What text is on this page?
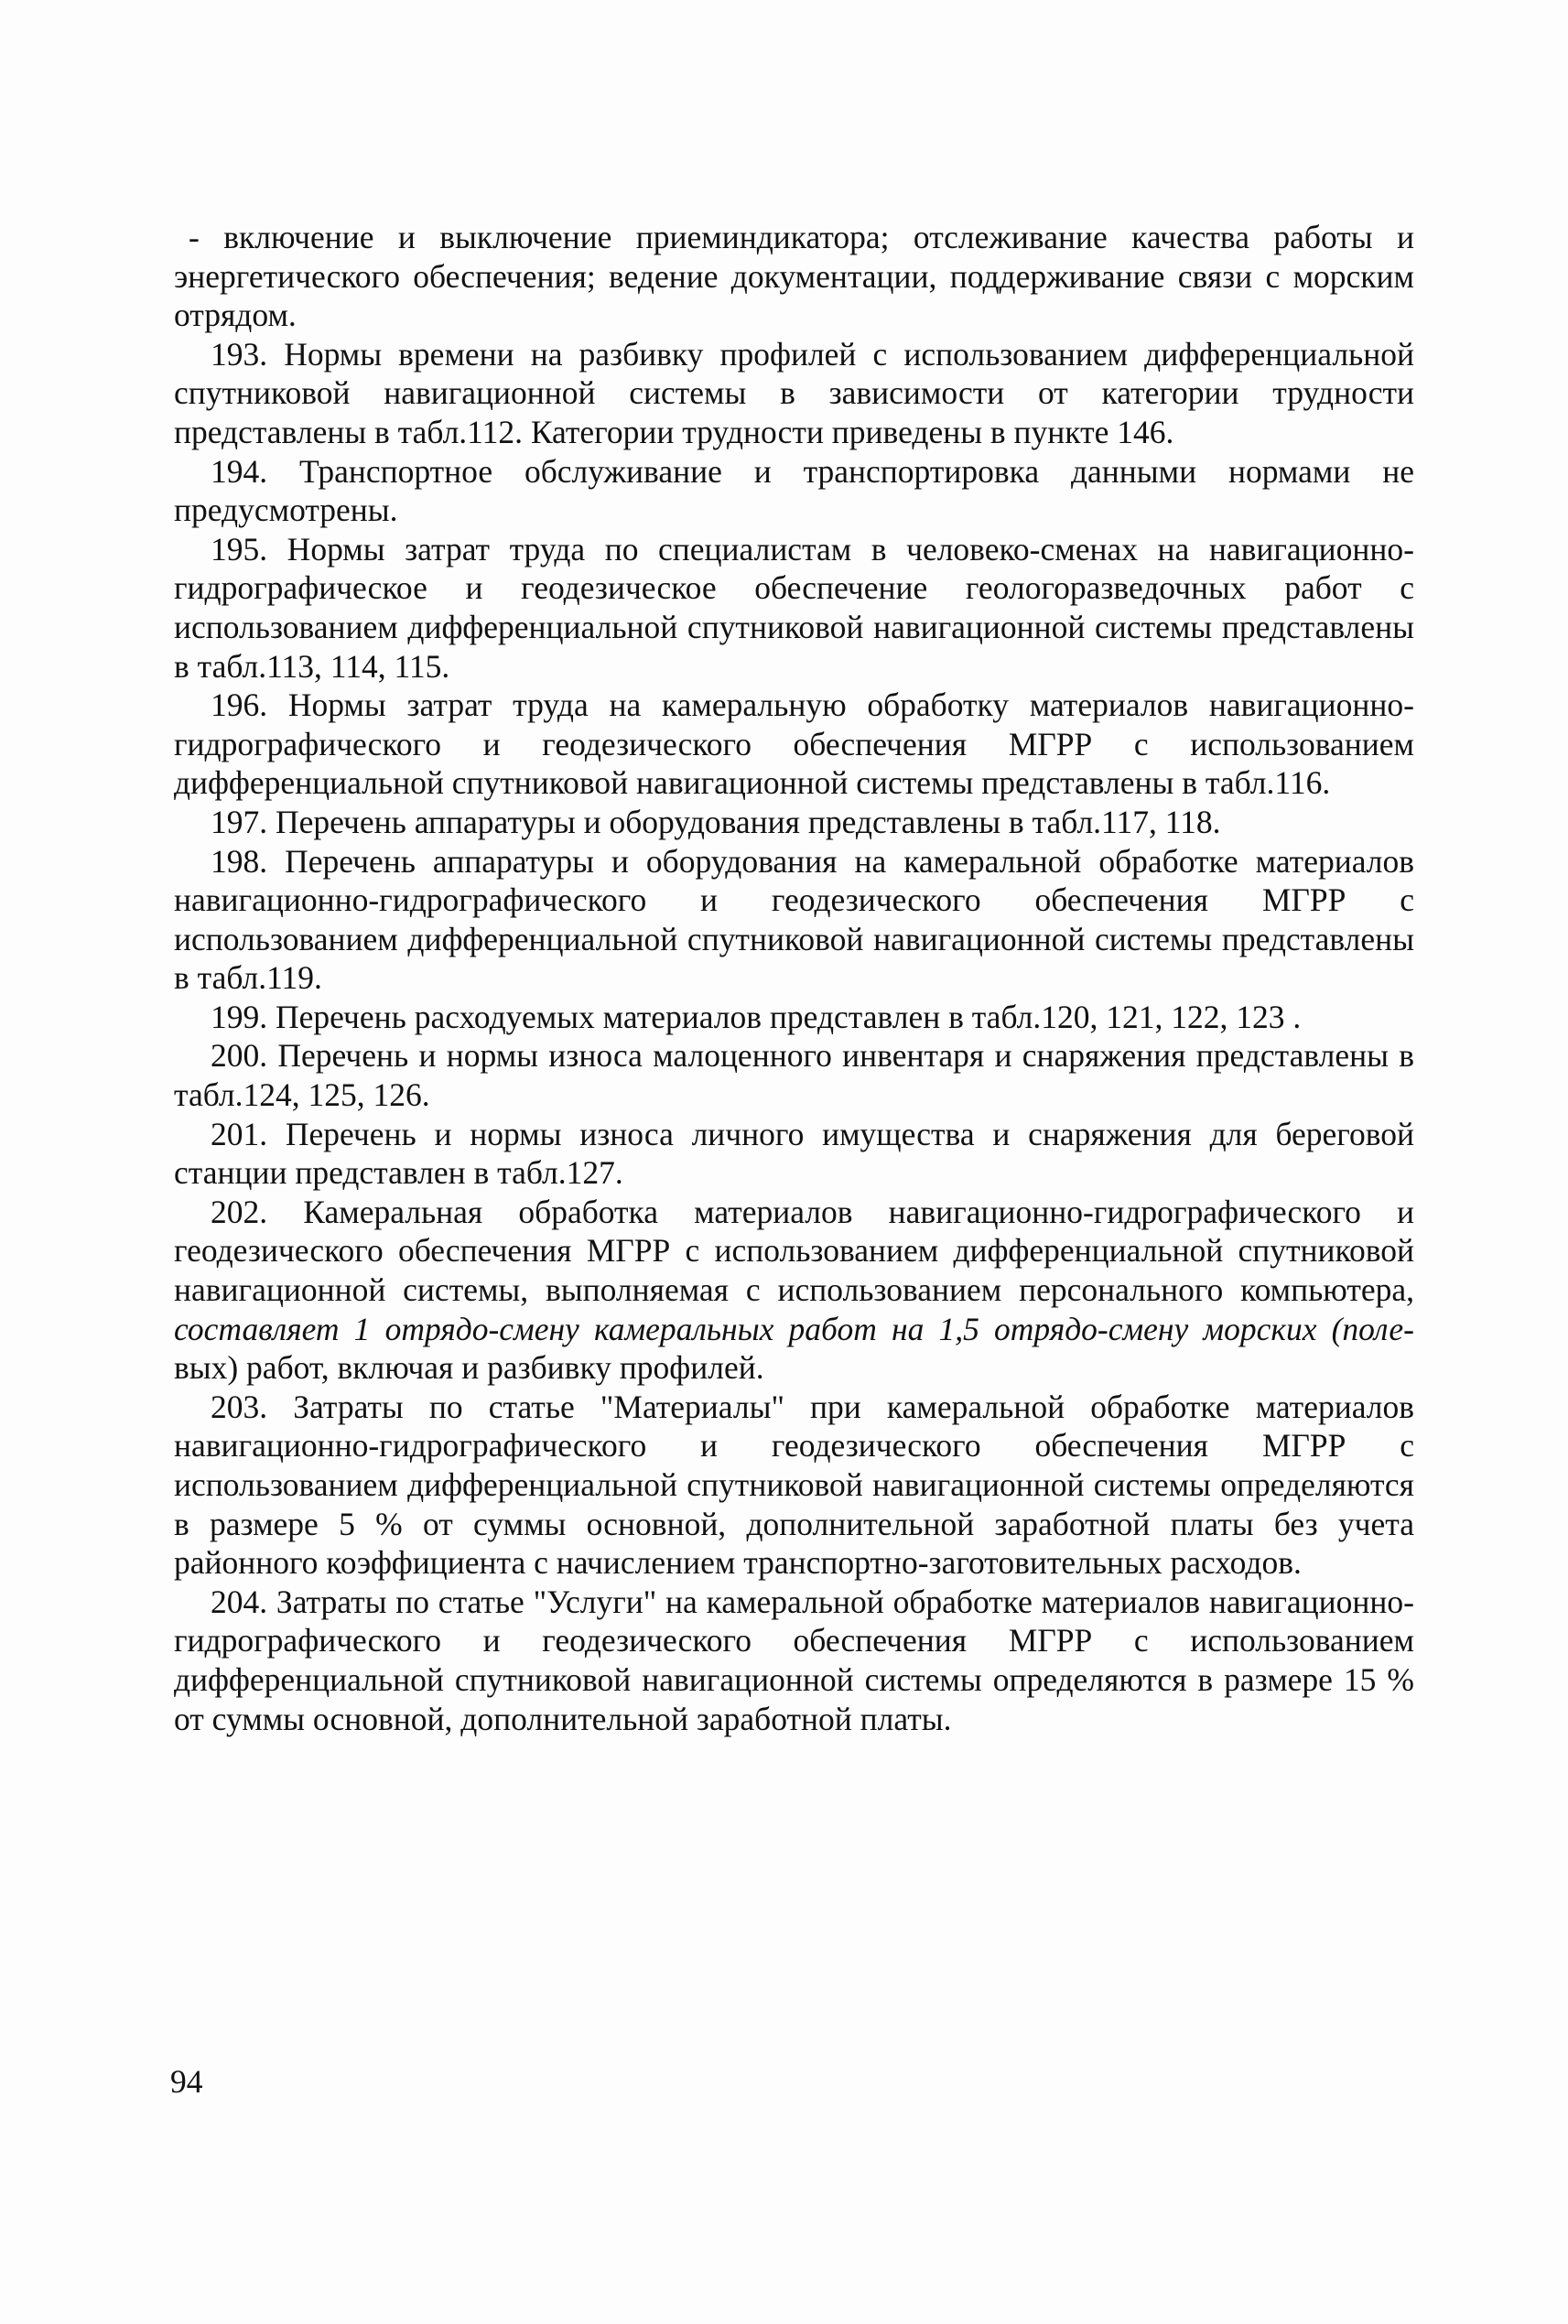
- включение и выключение приеминдикатора; отслеживание качества работы и энергетического обеспечения; ведение документации, поддерживание связи с морским отрядом.

193. Нормы времени на разбивку профилей с использованием дифференциальной спутниковой навигационной системы в зависимости от категории трудности представлены в табл.112. Категории трудности приведены в пункте 146.

194. Транспортное обслуживание и транспортировка данными нормами не предусмотрены.

195. Нормы затрат труда по специалистам в человеко-сменах на навигационно-гидрографическое и геодезическое обеспечение геологоразведочных работ с использованием дифференциальной спутниковой навигационной системы представлены в табл.113, 114, 115.

196. Нормы затрат труда на камеральную обработку материалов навигационно-гидрографического и геодезического обеспечения МГРР с использованием дифференциальной спутниковой навигационной системы представлены в табл.116.

197. Перечень аппаратуры и оборудования представлены в табл.117, 118.

198. Перечень аппаратуры и оборудования на камеральной обработке материалов навигационно-гидрографического и геодезического обеспечения МГРР с использованием дифференциальной спутниковой навигационной системы представлены в табл.119.

199. Перечень расходуемых материалов представлен в табл.120, 121, 122, 123 .

200. Перечень и нормы износа малоценного инвентаря и снаряжения представлены в табл.124, 125, 126.

201. Перечень и нормы износа личного имущества и снаряжения для береговой станции представлен в табл.127.

202. Камеральная обработка материалов навигационно-гидрографического и геодезического обеспечения МГРР с использованием дифференциальной спутниковой навигационной системы, выполняемая с использованием персонального компьютера, составляет 1 отрядо-смену камеральных работ на 1,5 отрядо-смену морских (поле-вых) работ, включая и разбивку профилей.

203. Затраты по статье "Материалы" при камеральной обработке материалов навигационно-гидрографического и геодезического обеспечения МГРР с использованием дифференциальной спутниковой навигационной системы определяются в размере 5 % от суммы основной, дополнительной заработной платы без учета районного коэффициента с начислением транспортно-заготовительных расходов.

204. Затраты по статье "Услуги" на камеральной обработке материалов навигационно-гидрографического и геодезического обеспечения МГРР с использованием дифференциальной спутниковой навигационной системы определяются в размере 15 % от суммы основной, дополнительной заработной платы.

94
